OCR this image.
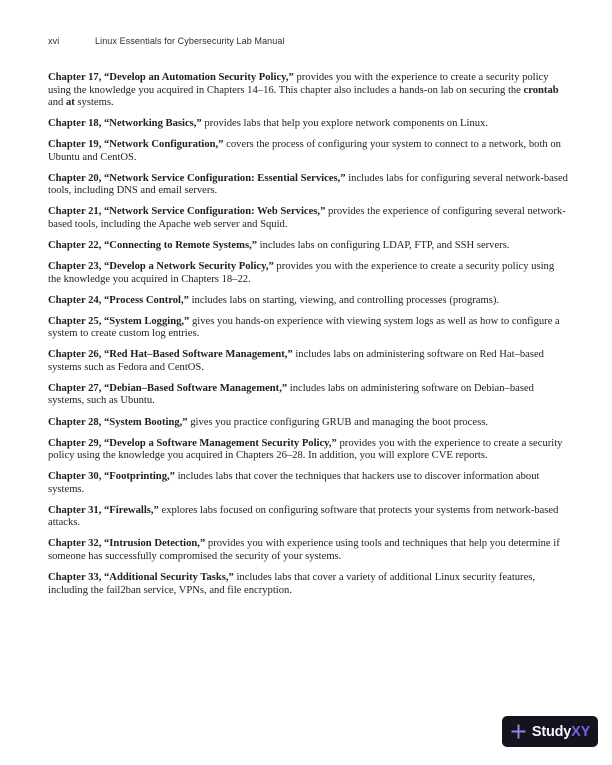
xvi	Linux Essentials for Cybersecurity Lab Manual

Chapter 17, “Develop an Automation Security Policy,” provides you with the experience to create a security policy using the knowledge you acquired in Chapters 14–16. This chapter also includes a hands-on lab on securing the crontab and at systems.

Chapter 18, “Networking Basics,” provides labs that help you explore network components on Linux.

Chapter 19, “Network Configuration,” covers the process of configuring your system to connect to a network, both on Ubuntu and CentOS.

Chapter 20, “Network Service Configuration: Essential Services,” includes labs for configuring several network-based tools, including DNS and email servers.

Chapter 21, “Network Service Configuration: Web Services,” provides the experience of configuring several network-based tools, including the Apache web server and Squid.

Chapter 22, “Connecting to Remote Systems,” includes labs on configuring LDAP, FTP, and SSH servers.

Chapter 23, “Develop a Network Security Policy,” provides you with the experience to create a security policy using the knowledge you acquired in Chapters 18–22.

Chapter 24, “Process Control,” includes labs on starting, viewing, and controlling processes (programs).

Chapter 25, “System Logging,” gives you hands-on experience with viewing system logs as well as how to configure a system to create custom log entries.

Chapter 26, “Red Hat–Based Software Management,” includes labs on administering software on Red Hat–based systems such as Fedora and CentOS.

Chapter 27, “Debian–Based Software Management,” includes labs on administering software on Debian–based systems, such as Ubuntu.

Chapter 28, “System Booting,” gives you practice configuring GRUB and managing the boot process.

Chapter 29, “Develop a Software Management Security Policy,” provides you with the experience to create a security policy using the knowledge you acquired in Chapters 26–28. In addition, you will explore CVE reports.

Chapter 30, “Footprinting,” includes labs that cover the techniques that hackers use to discover information about systems.

Chapter 31, “Firewalls,” explores labs focused on configuring software that protects your systems from network-based attacks.

Chapter 32, “Intrusion Detection,” provides you with experience using tools and techniques that help you determine if someone has successfully compromised the security of your systems.

Chapter 33, “Additional Security Tasks,” includes labs that cover a variety of additional Linux security features, including the fail2ban service, VPNs, and file encryption.

StudyXY
